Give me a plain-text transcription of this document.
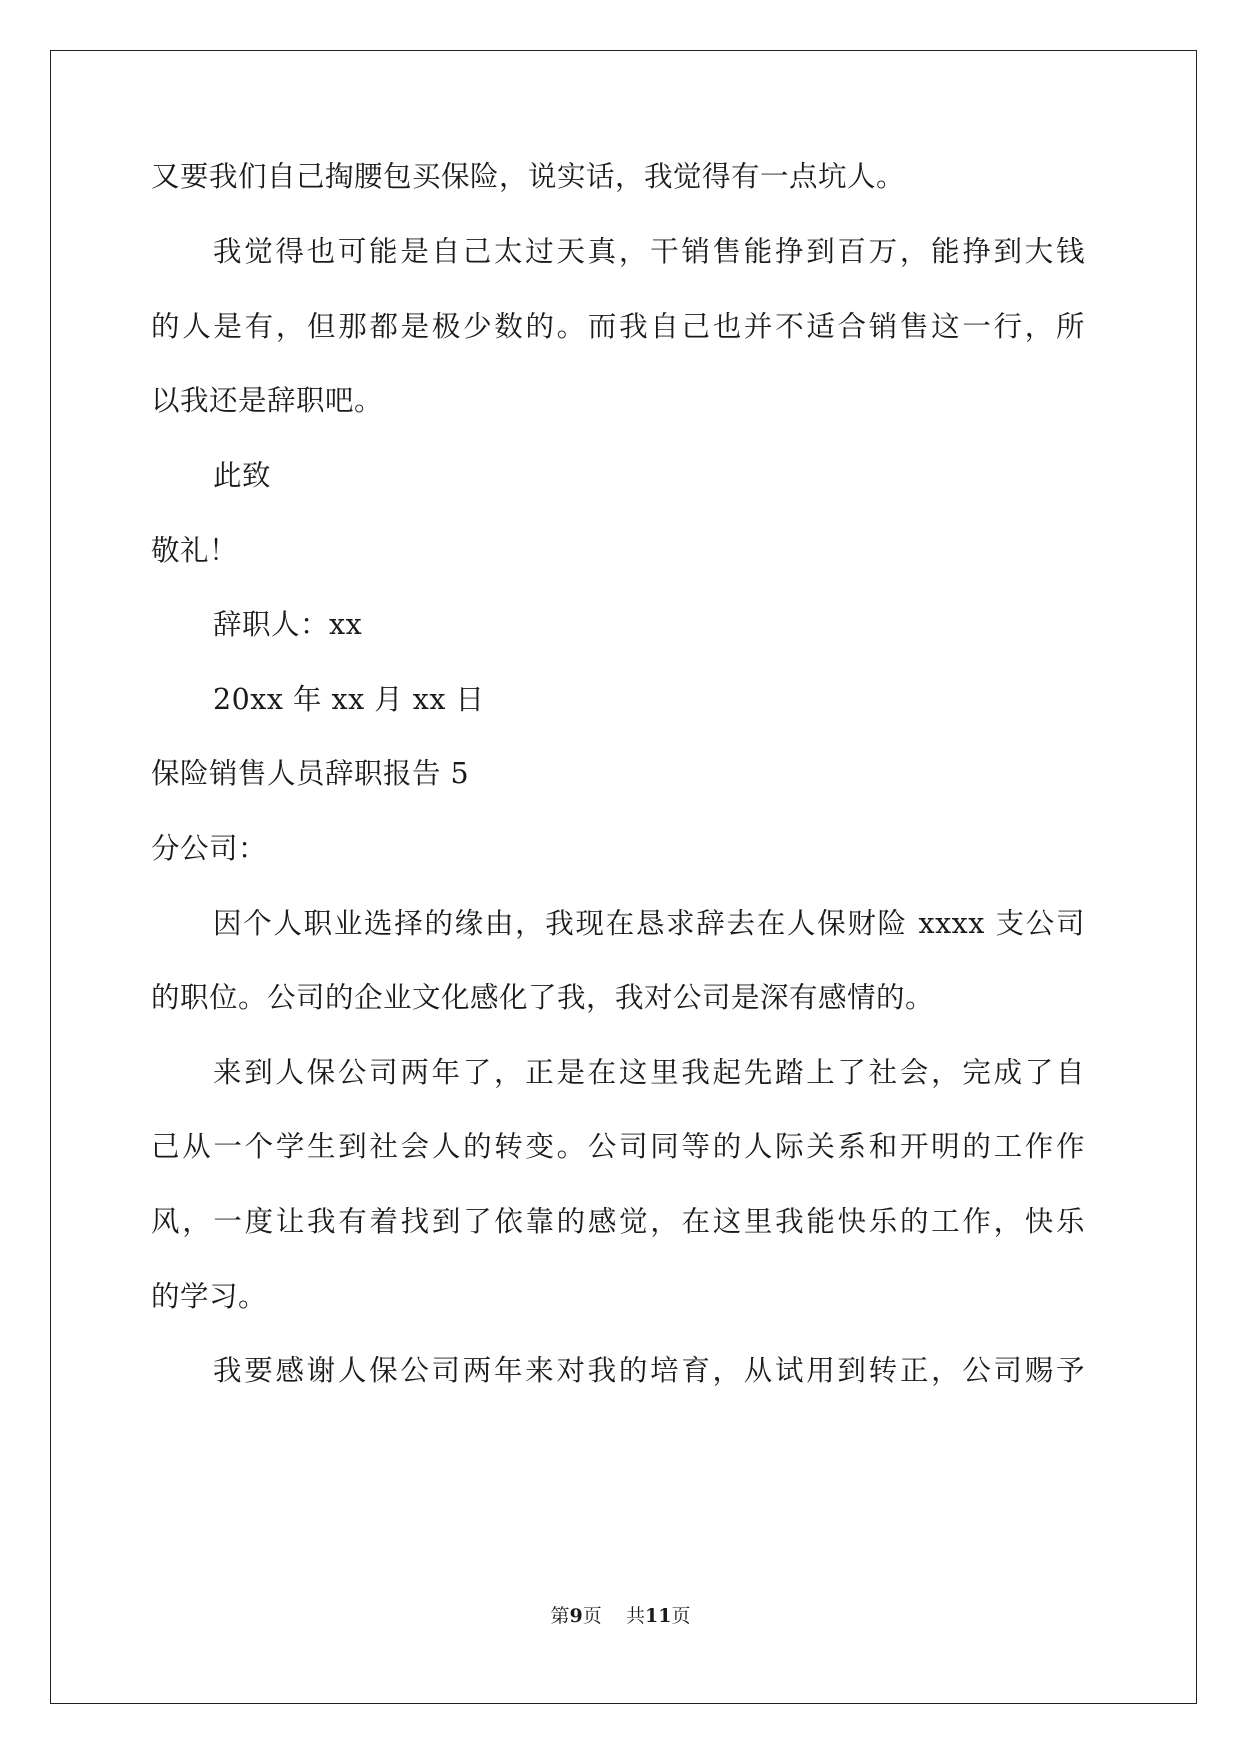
又要我们自己掏腰包买保险，说实话，我觉得有一点坑人。
我觉得也可能是自己太过天真，干销售能挣到百万，能挣到大钱
的人是有，但那都是极少数的。而我自己也并不适合销售这一行，所
以我还是辞职吧。
此致
敬礼！
辞职人：xx
20xx 年 xx 月 xx 日
保险销售人员辞职报告 5
分公司：
因个人职业选择的缘由，我现在恳求辞去在人保财险 xxxx 支公司
的职位。公司的企业文化感化了我，我对公司是深有感情的。
来到人保公司两年了，正是在这里我起先踏上了社会，完成了自
己从一个学生到社会人的转变。公司同等的人际关系和开明的工作作
风，一度让我有着找到了依靠的感觉，在这里我能快乐的工作，快乐
的学习。
我要感谢人保公司两年来对我的培育，从试用到转正，公司赐予
第9页 共11页
